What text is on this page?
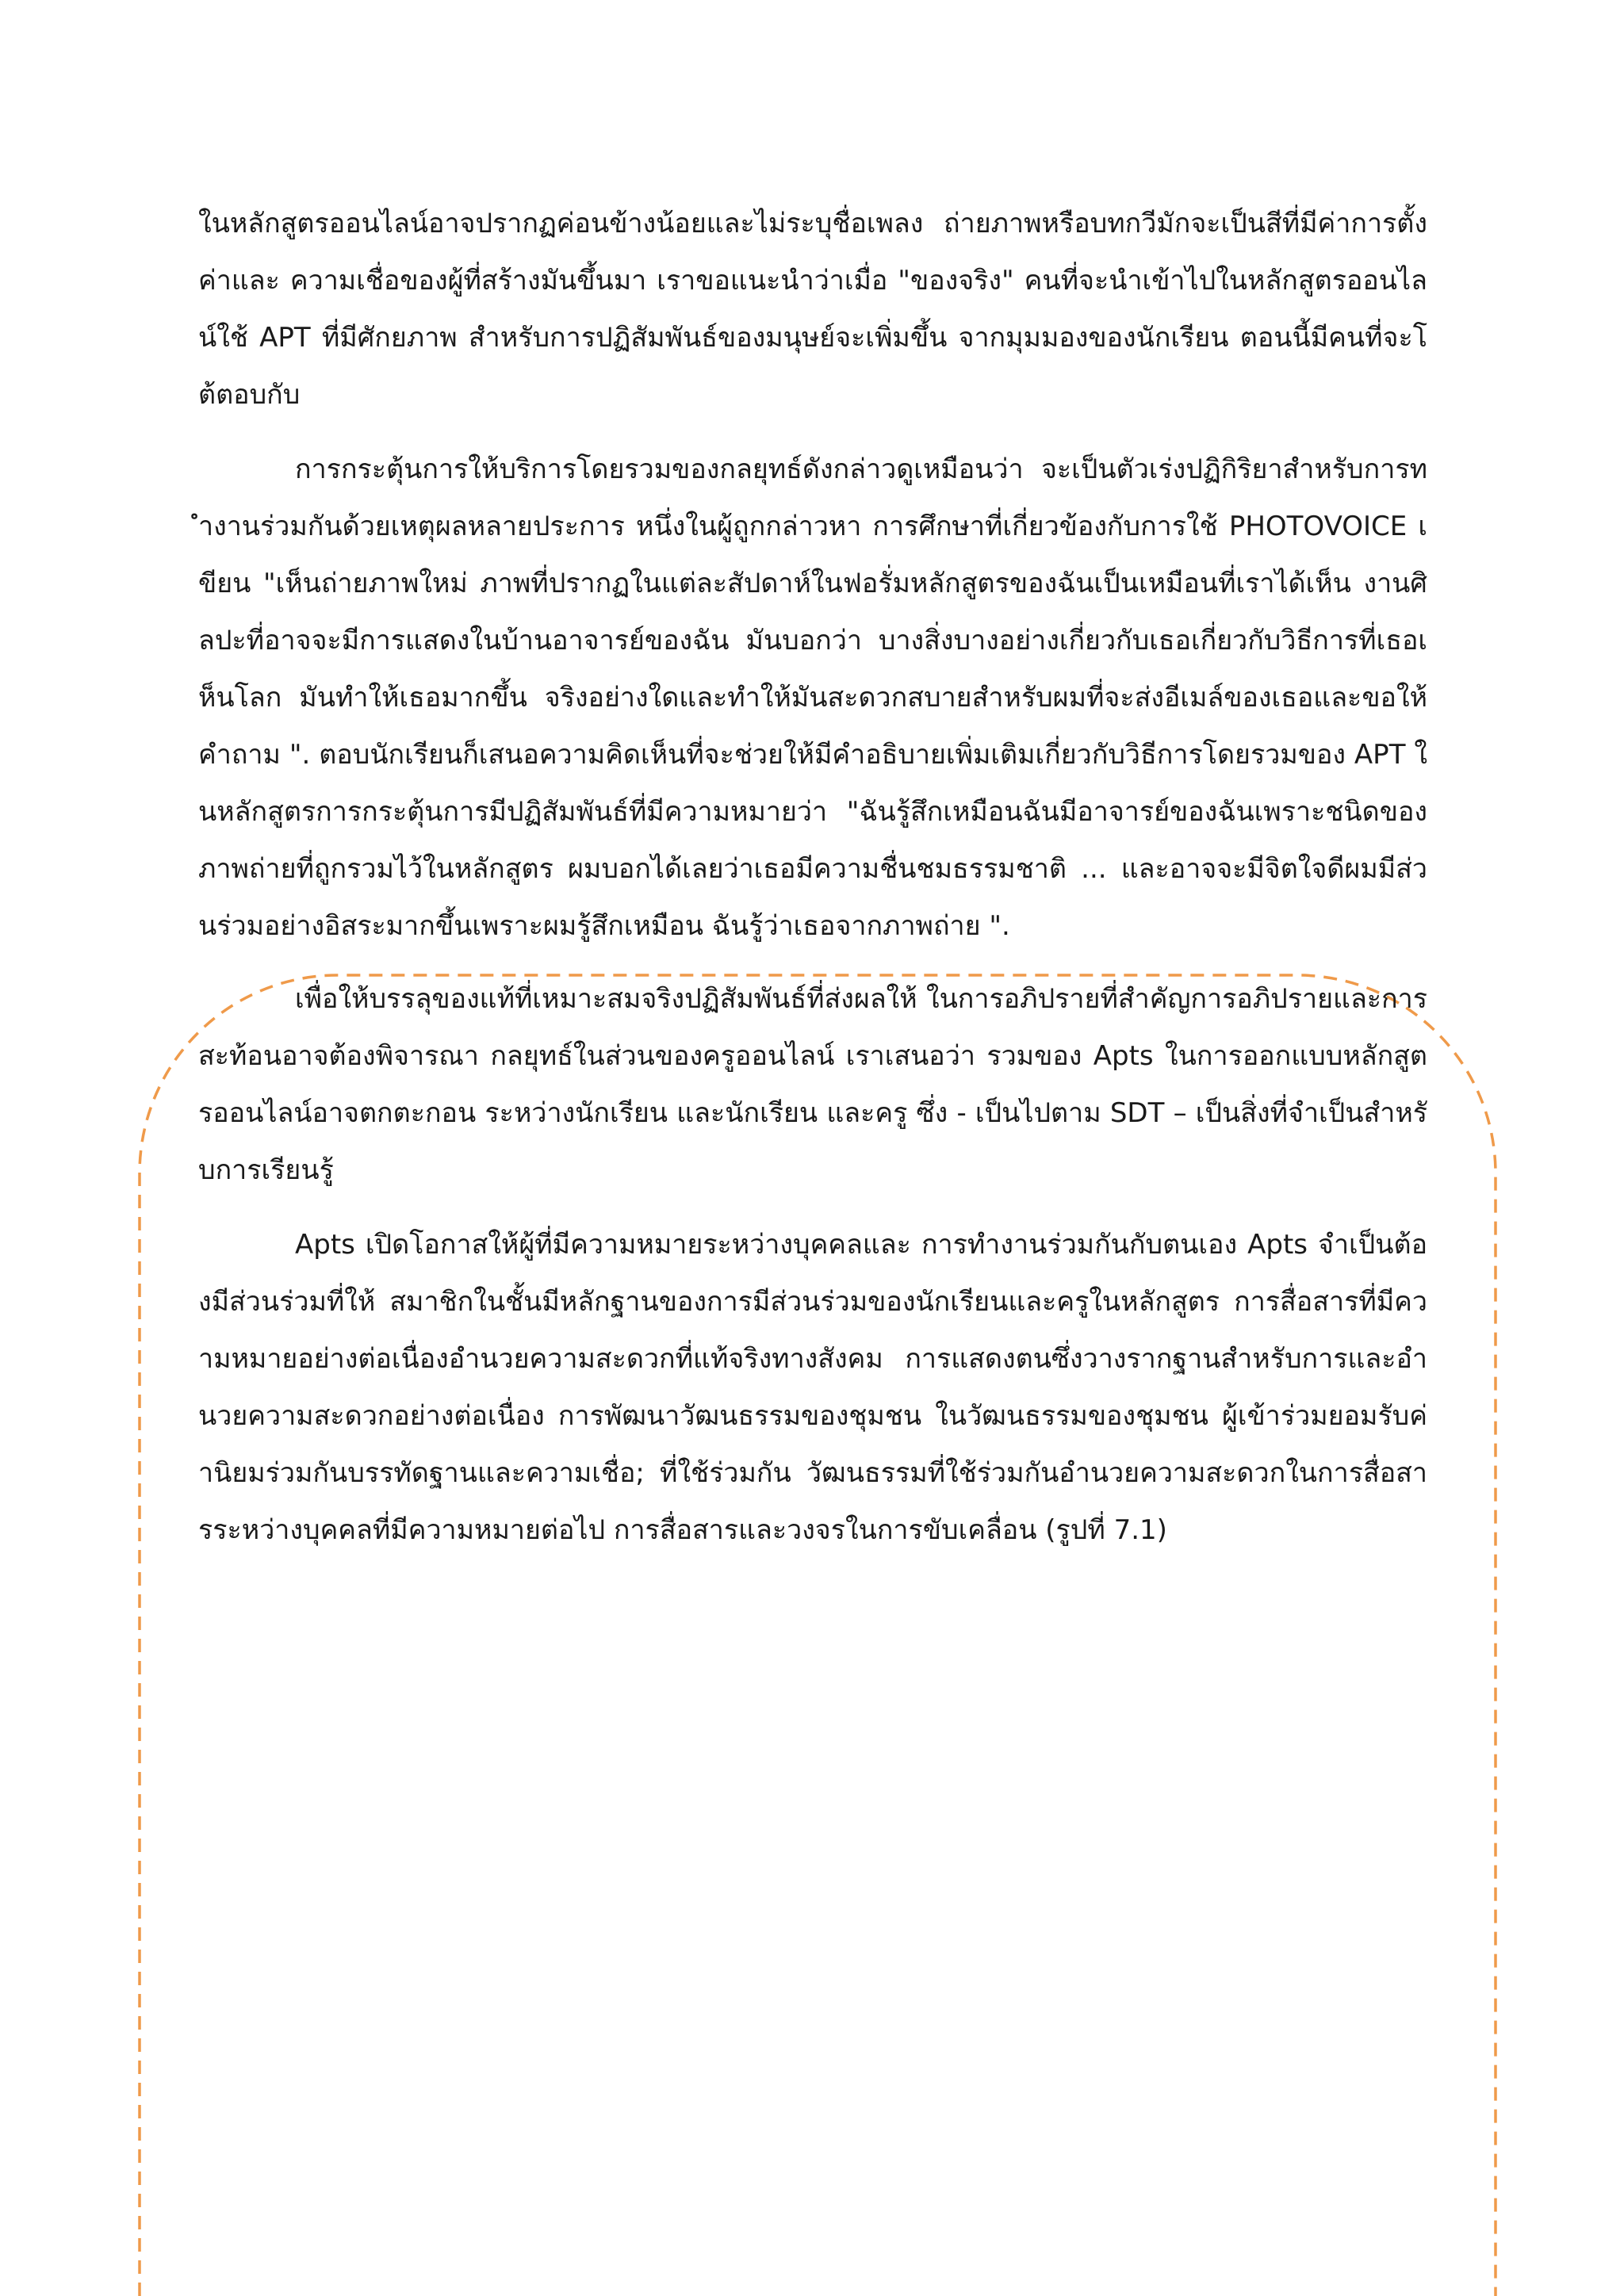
ในหลักสูตรออนไลน์อาจปรากฏค่อนข้างน้อยและไม่ระบุชื่อเพลง ถ่ายภาพหรือบทกวีมักจะเป็นสีที่มีค่าการตั้งค่าและ ความเชื่อของผู้ที่สร้างมันขึ้นมา เราขอแนะนำว่าเมื่อ "ของจริง" คนที่จะนำเข้าไปในหลักสูตรออนไลน์ใช้ APT ที่มีศักยภาพ สำหรับการปฏิสัมพันธ์ของมนุษย์จะเพิ่มขึ้น จากมุมมองของนักเรียน ตอนนี้มีคนที่จะโต้ตอบกับ

การกระตุ้นการให้บริการโดยรวมของกลยุทธ์ดังกล่าวดูเหมือนว่า จะเป็นตัวเร่งปฏิกิริยาสำหรับการทำงานร่วมกันด้วยเหตุผลหลายประการ หนึ่งในผู้ถูกกล่าวหา การศึกษาที่เกี่ยวข้องกับการใช้ PHOTOVOICE เขียน "เห็นถ่ายภาพใหม่ ภาพที่ปรากฏในแต่ละสัปดาห์ในฟอรั่มหลักสูตรของฉันเป็นเหมือนที่เราได้เห็น งานศิลปะที่อาจจะมีการแสดงในบ้านอาจารย์ของฉัน มันบอกว่า บางสิ่งบางอย่างเกี่ยวกับเธอเกี่ยวกับวิธีการที่เธอเห็นโลก มันทำให้เธอมากขึ้น จริงอย่างใดและทำให้มันสะดวกสบายสำหรับผมที่จะส่งอีเมล์ของเธอและขอให้คำถาม ". ตอบนักเรียนก็เสนอความคิดเห็นที่จะช่วยให้มีคำอธิบายเพิ่มเติมเกี่ยวกับวิธีการโดยรวมของ APT ในหลักสูตรการกระตุ้นการมีปฏิสัมพันธ์ที่มีความหมายว่า "ฉันรู้สึกเหมือนฉันมีอาจารย์ของฉันเพราะชนิดของภาพถ่ายที่ถูกรวมไว้ในหลักสูตร ผมบอกได้เลยว่าเธอมีความชื่นชมธรรมชาติ ... และอาจจะมีจิตใจดีผมมีส่วนร่วมอย่างอิสระมากขึ้นเพราะผมรู้สึกเหมือน ฉันรู้ว่าเธอจากภาพถ่าย ".

เพื่อให้บรรลุของแท้ที่เหมาะสมจริงปฏิสัมพันธ์ที่ส่งผลให้ ในการอภิปรายที่สำคัญการอภิปรายและการสะท้อนอาจต้องพิจารณา กลยุทธ์ในส่วนของครูออนไลน์ เราเสนอว่า รวมของ Apts ในการออกแบบหลักสูตรออนไลน์อาจตกตะกอน ระหว่างนักเรียน และนักเรียน และครู ซึ่ง - เป็นไปตาม SDT – เป็นสิ่งที่จำเป็นสำหรับการเรียนรู้

Apts เปิดโอกาสให้ผู้ที่มีความหมายระหว่างบุคคลและ การทำงานร่วมกันกับตนเอง Apts จำเป็นต้องมีส่วนร่วมที่ให้ สมาชิกในชั้นมีหลักฐานของการมีส่วนร่วมของนักเรียนและครูในหลักสูตร การสื่อสารที่มีความหมายอย่างต่อเนื่องอำนวยความสะดวกที่แท้จริงทางสังคม การแสดงตนซึ่งวางรากฐานสำหรับการและอำนวยความสะดวกอย่างต่อเนื่อง การพัฒนาวัฒนธรรมของชุมชน ในวัฒนธรรมของชุมชน ผู้เข้าร่วมยอมรับค่านิยมร่วมกันบรรทัดฐานและความเชื่อ; ที่ใช้ร่วมกัน วัฒนธรรมที่ใช้ร่วมกันอำนวยความสะดวกในการสื่อสารระหว่างบุคคลที่มีความหมายต่อไป การสื่อสารและวงจรในการขับเคลื่อน (รูปที่ 7.1)
